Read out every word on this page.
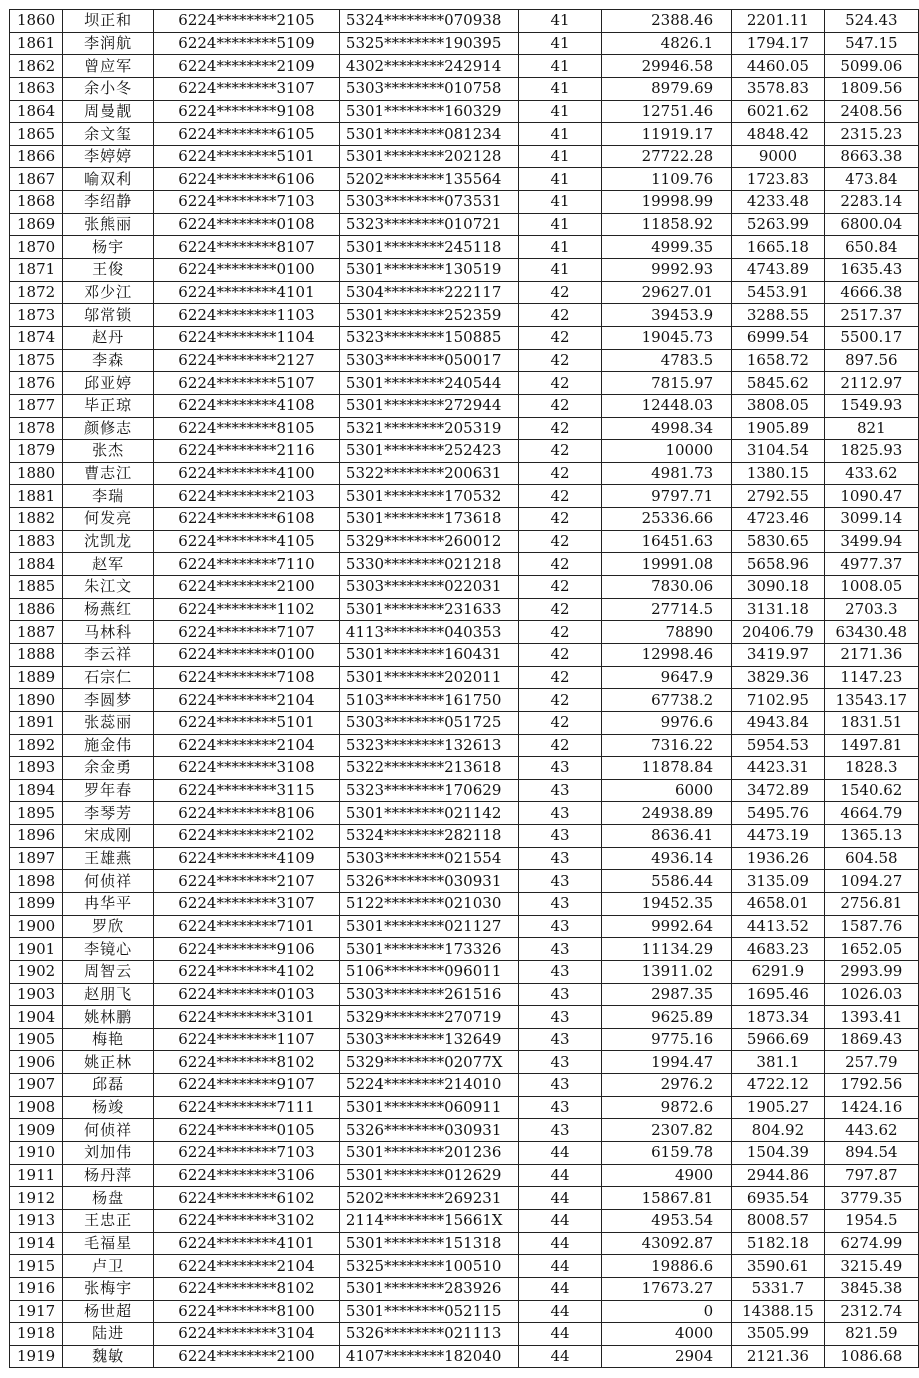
1860	坝正和	6224********2105	5324********070938	41	2388.46	2201.11	524.43
1861	李润航	6224********5109	5325********190395	41	4826.1	1794.17	547.15
1862	曾应军	6224********2109	4302********242914	41	29946.58	4460.05	5099.06
1863	余小冬	6224********3107	5303********010758	41	8979.69	3578.83	1809.56
1864	周曼靓	6224********9108	5301********160329	41	12751.46	6021.62	2408.56
1865	余文玺	6224********6105	5301********081234	41	11919.17	4848.42	2315.23
1866	李婷婷	6224********5101	5301********202128	41	27722.28	9000	8663.38
1867	喻双利	6224********6106	5202********135564	41	1109.76	1723.83	473.84
1868	李绍静	6224********7103	5303********073531	41	19998.99	4233.48	2283.14
1869	张熊丽	6224********0108	5323********010721	41	11858.92	5263.99	6800.04
1870	杨宇	6224********8107	5301********245118	41	4999.35	1665.18	650.84
1871	王俊	6224********0100	5301********130519	41	9992.93	4743.89	1635.43
1872	邓少江	6224********4101	5304********222117	42	29627.01	5453.91	4666.38
1873	邬常锁	6224********1103	5301********252359	42	39453.9	3288.55	2517.37
1874	赵丹	6224********1104	5323********150885	42	19045.73	6999.54	5500.17
1875	李森	6224********2127	5303********050017	42	4783.5	1658.72	897.56
1876	邱亚婷	6224********5107	5301********240544	42	7815.97	5845.62	2112.97
1877	毕正琼	6224********4108	5301********272944	42	12448.03	3808.05	1549.93
1878	颜修志	6224********8105	5321********205319	42	4998.34	1905.89	821
1879	张杰	6224********2116	5301********252423	42	10000	3104.54	1825.93
1880	曹志江	6224********4100	5322********200631	42	4981.73	1380.15	433.62
1881	李瑞	6224********2103	5301********170532	42	9797.71	2792.55	1090.47
1882	何发亮	6224********6108	5301********173618	42	25336.66	4723.46	3099.14
1883	沈凯龙	6224********4105	5329********260012	42	16451.63	5830.65	3499.94
1884	赵军	6224********7110	5330********021218	42	19991.08	5658.96	4977.37
1885	朱江文	6224********2100	5303********022031	42	7830.06	3090.18	1008.05
1886	杨燕红	6224********1102	5301********231633	42	27714.5	3131.18	2703.3
1887	马林科	6224********7107	4113********040353	42	78890	20406.79	63430.48
1888	李云祥	6224********0100	5301********160431	42	12998.46	3419.97	2171.36
1889	石宗仁	6224********7108	5301********202011	42	9647.9	3829.36	1147.23
1890	李圆梦	6224********2104	5103********161750	42	67738.2	7102.95	13543.17
1891	张蕊丽	6224********5101	5303********051725	42	9976.6	4943.84	1831.51
1892	施金伟	6224********2104	5323********132613	42	7316.22	5954.53	1497.81
1893	余金勇	6224********3108	5322********213618	43	11878.84	4423.31	1828.3
1894	罗年春	6224********3115	5323********170629	43	6000	3472.89	1540.62
1895	李琴芳	6224********8106	5301********021142	43	24938.89	5495.76	4664.79
1896	宋成刚	6224********2102	5324********282118	43	8636.41	4473.19	1365.13
1897	王雄燕	6224********4109	5303********021554	43	4936.14	1936.26	604.58
1898	何侦祥	6224********2107	5326********030931	43	5586.44	3135.09	1094.27
1899	冉华平	6224********3107	5122********021030	43	19452.35	4658.01	2756.81
1900	罗欣	6224********7101	5301********021127	43	9992.64	4413.52	1587.76
1901	李镜心	6224********9106	5301********173326	43	11134.29	4683.23	1652.05
1902	周智云	6224********4102	5106********096011	43	13911.02	6291.9	2993.99
1903	赵朋飞	6224********0103	5303********261516	43	2987.35	1695.46	1026.03
1904	姚林鹏	6224********3101	5329********270719	43	9625.89	1873.34	1393.41
1905	梅艳	6224********1107	5303********132649	43	9775.16	5966.69	1869.43
1906	姚正林	6224********8102	5329********02077X	43	1994.47	381.1	257.79
1907	邱磊	6224********9107	5224********214010	43	2976.2	4722.12	1792.56
1908	杨竣	6224********7111	5301********060911	43	9872.6	1905.27	1424.16
1909	何侦祥	6224********0105	5326********030931	43	2307.82	804.92	443.62
1910	刘加伟	6224********7103	5301********201236	44	6159.78	1504.39	894.54
1911	杨丹萍	6224********3106	5301********012629	44	4900	2944.86	797.87
1912	杨盘	6224********6102	5202********269231	44	15867.81	6935.54	3779.35
1913	王忠正	6224********3102	2114********15661X	44	4953.54	8008.57	1954.5
1914	毛福星	6224********4101	5301********151318	44	43092.87	5182.18	6274.99
1915	卢卫	6224********2104	5325********100510	44	19886.6	3590.61	3215.49
1916	张梅宇	6224********8102	5301********283926	44	17673.27	5331.7	3845.38
1917	杨世超	6224********8100	5301********052115	44	0	14388.15	2312.74
1918	陆进	6224********3104	5326********021113	44	4000	3505.99	821.59
1919	魏敏	6224********2100	4107********182040	44	2904	2121.36	1086.68
